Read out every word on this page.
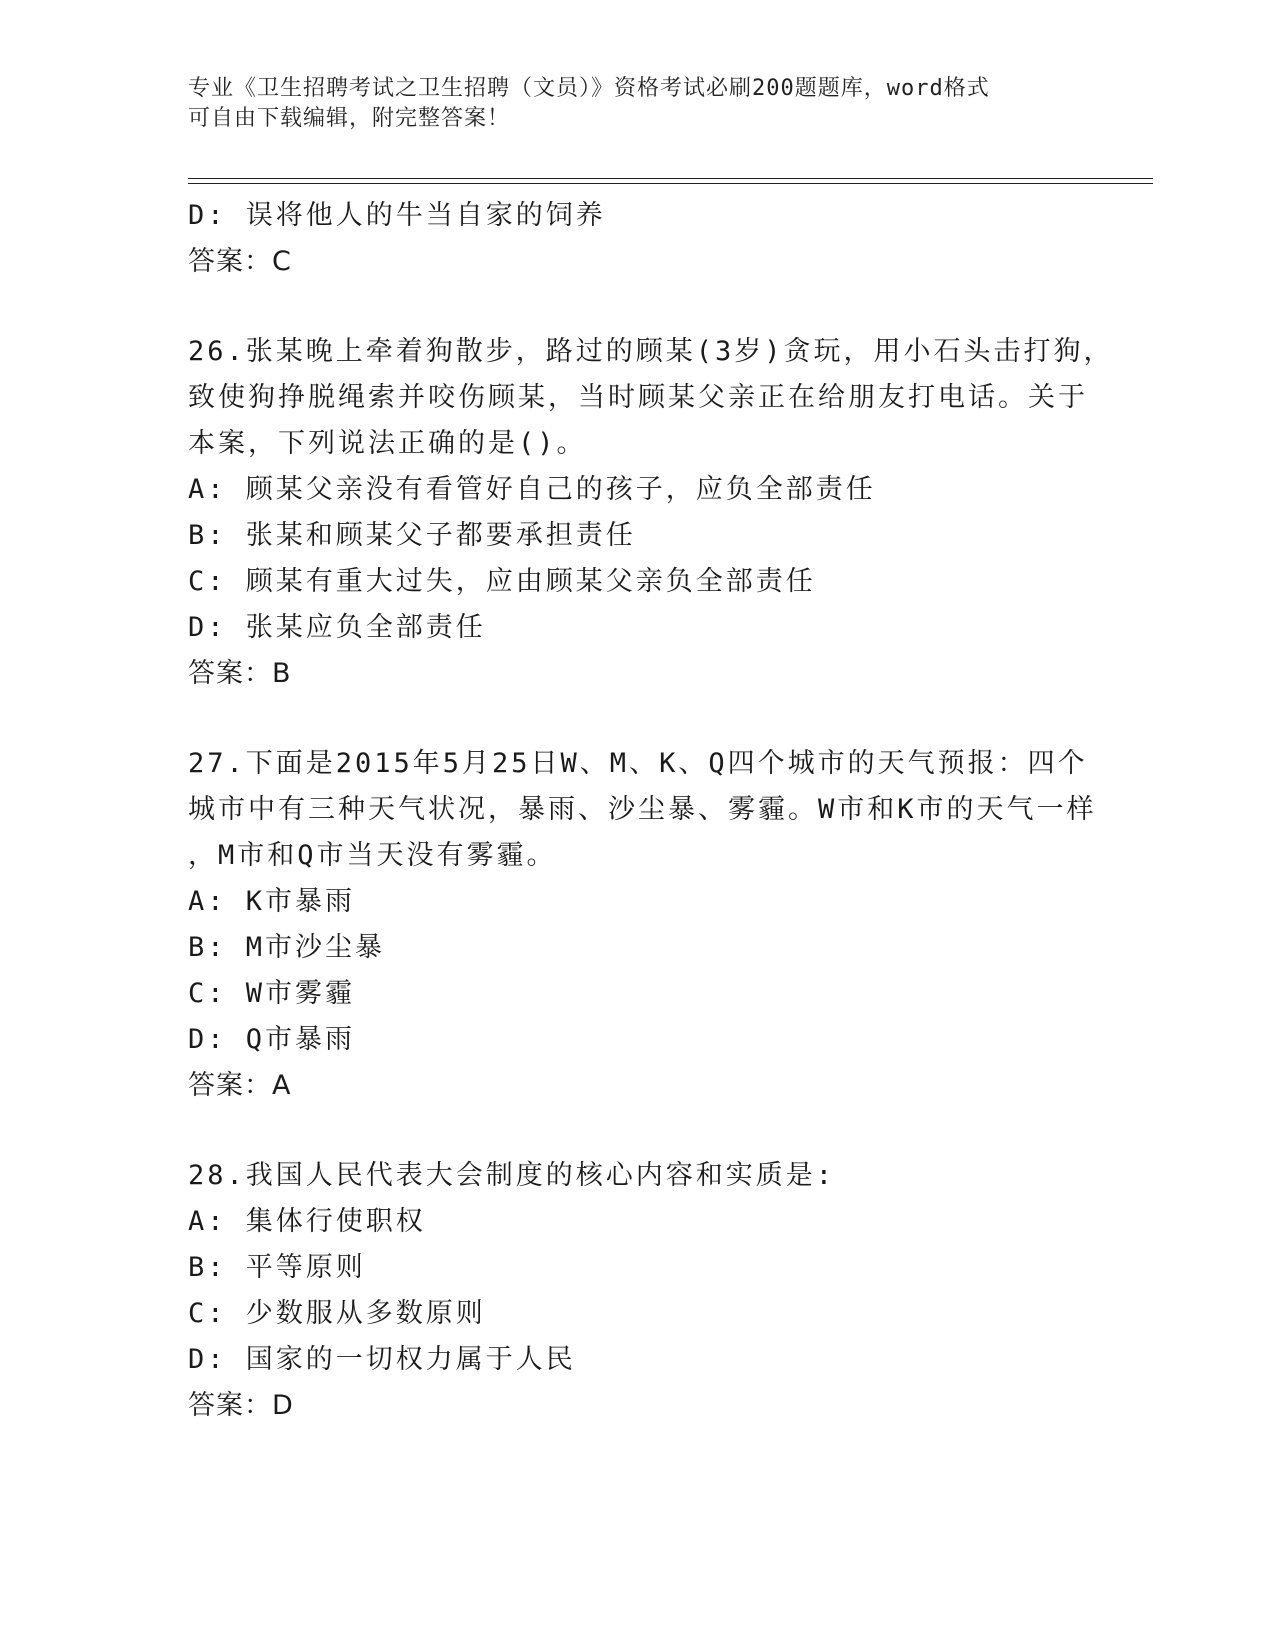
专业《卫生招聘考试之卫生招聘（文员）》资格考试必刷200题题库，word格式
可自由下载编辑，附完整答案！
D: 误将他人的牛当自家的饲养
答案：C
26.张某晚上牵着狗散步，路过的顾某(3岁)贪玩，用小石头击打狗，
致使狗挣脱绳索并咬伤顾某，当时顾某父亲正在给朋友打电话。关于
本案，下列说法正确的是()。
A: 顾某父亲没有看管好自己的孩子，应负全部责任
B: 张某和顾某父子都要承担责任
C: 顾某有重大过失，应由顾某父亲负全部责任
D: 张某应负全部责任
答案：B
27.下面是2015年5月25日W、M、K、Q四个城市的天气预报：四个
城市中有三种天气状况，暴雨、沙尘暴、雾霾。W市和K市的天气一样
，M市和Q市当天没有雾霾。
A: K市暴雨
B: M市沙尘暴
C: W市雾霾
D: Q市暴雨
答案：A
28.我国人民代表大会制度的核心内容和实质是:
A: 集体行使职权
B: 平等原则
C: 少数服从多数原则
D: 国家的一切权力属于人民
答案：D
